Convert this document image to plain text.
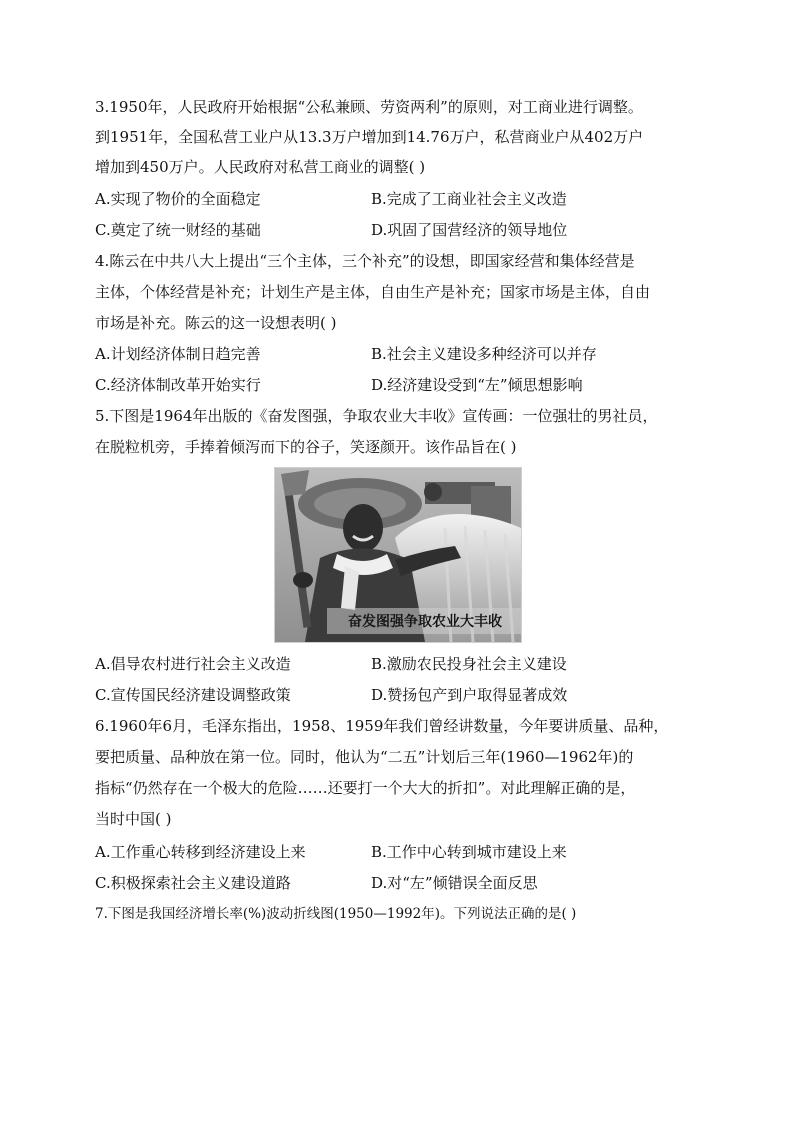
3.1950年，人民政府开始根据“公私兼顾、劳资两利”的原则，对工商业进行调整。
到1951年，全国私营工业户从13.3万户增加到14.76万户，私营商业户从402万户
增加到450万户。人民政府对私营工商业的调整( )
A.实现了物价的全面稳定	B.完成了工商业社会主义改造
C.奠定了统一财经的基础	D.巩固了国营经济的领导地位
4.陈云在中共八大上提出“三个主体，三个补充”的设想，即国家经营和集体经营是
主体，个体经营是补充；计划生产是主体，自由生产是补充；国家市场是主体，自由
市场是补充。陈云的这一设想表明( )
A.计划经济体制日趋完善	B.社会主义建设多种经济可以并存
C.经济体制改革开始实行	D.经济建设受到“左”倾思想影响
5.下图是1964年出版的《奋发图强，争取农业大丰收》宣传画：一位强壮的男社员，
在脱粒机旁，手捧着倾泻而下的谷子，笑逐颜开。该作品旨在( )
奋发图强争取农业大丰收
A.倡导农村进行社会主义改造	B.激励农民投身社会主义建设
C.宣传国民经济建设调整政策	D.赞扬包产到户取得显著成效
6.1960年6月，毛泽东指出，1958、1959年我们曾经讲数量，今年要讲质量、品种，
要把质量、品种放在第一位。同时，他认为“二五”计划后三年(1960—1962年)的
指标“仍然存在一个极大的危险……还要打一个大大的折扣”。对此理解正确的是，
当时中国( )
A.工作重心转移到经济建设上来	B.工作中心转到城市建设上来
C.积极探索社会主义建设道路	D.对“左”倾错误全面反思
7.下图是我国经济增长率(%)波动折线图(1950—1992年)。下列说法正确的是( )
